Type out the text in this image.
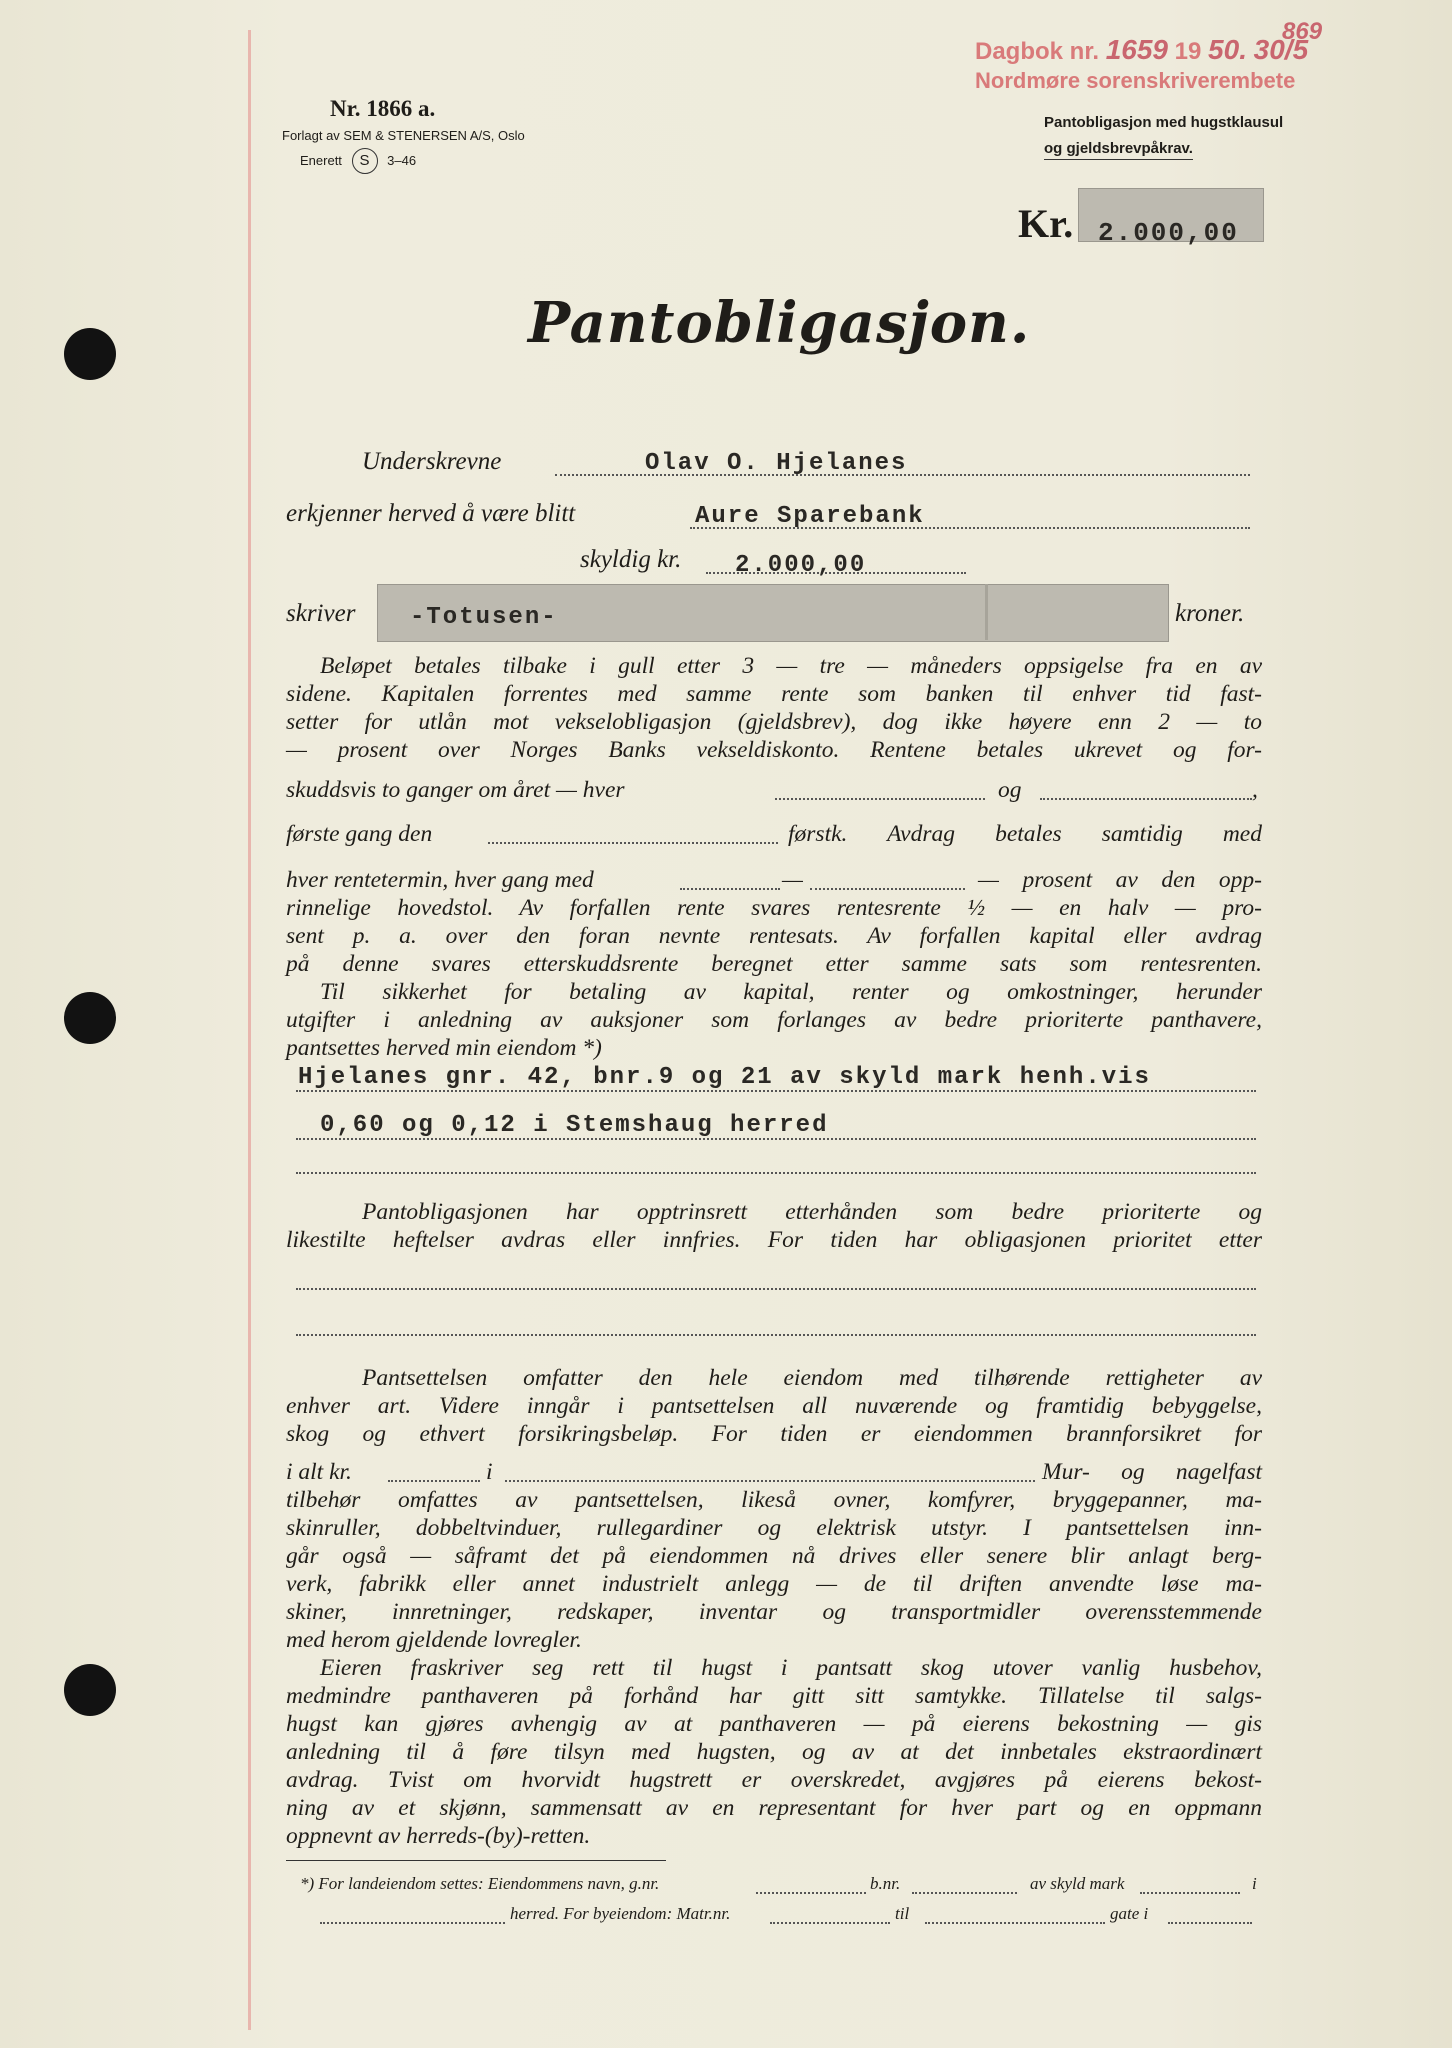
Dagbok nr. 1659 19 50. 30/5
869
Nordmøre sorenskriverembete
Nr. 1866 a.
Forlagt av SEM & STENERSEN A/S, Oslo
Enerett S 3–46
Pantobligasjon med hugstklausul
og gjeldsbrevpåkrav.
Kr. 2.000,00
Pantobligasjon.
Underskrevne	Olav O. Hjelanes
erkjenner herved å være blitt	Aure Sparebank
skyldig kr. 2.000,00
skriver -Totusen-	kroner.
Beløpet betales tilbake i gull etter 3 — tre — måneders oppsigelse fra en av
sidene. Kapitalen forrentes med samme rente som banken til enhver tid fast-
setter for utlån mot vekselobligasjon (gjeldsbrev), dog ikke høyere enn 2 — to
— prosent over Norges Banks vekseldiskonto. Rentene betales ukrevet og for-
skuddsvis to ganger om året — hver	og	,
første gang den	førstk. Avdrag betales samtidig med
hver rentetermin, hver gang med	—	— prosent av den opp-
rinnelige hovedstol. Av forfallen rente svares rentesrente ½ — en halv — pro-
sent p. a. over den foran nevnte rentesats. Av forfallen kapital eller avdrag
på denne svares etterskuddsrente beregnet etter samme sats som rentesrenten.
Til sikkerhet for betaling av kapital, renter og omkostninger, herunder
utgifter i anledning av auksjoner som forlanges av bedre prioriterte panthavere,
pantsettes herved min eiendom *)
Hjelanes gnr. 42, bnr.9 og 21 av skyld mark henh.vis
0,60 og 0,12 i Stemshaug herred
Pantobligasjonen har opptrinsrett etterhånden som bedre prioriterte og
likestilte heftelser avdras eller innfries. For tiden har obligasjonen prioritet etter
Pantsettelsen omfatter den hele eiendom med tilhørende rettigheter av
enhver art. Videre inngår i pantsettelsen all nuværende og framtidig bebyggelse,
skog og ethvert forsikringsbeløp. For tiden er eiendommen brannforsikret for
i alt kr.	i	Mur- og nagelfast
tilbehør omfattes av pantsettelsen, likeså ovner, komfyrer, bryggepanner, ma-
skinruller, dobbeltvinduer, rullegardiner og elektrisk utstyr. I pantsettelsen inn-
går også — såframt det på eiendommen nå drives eller senere blir anlagt berg-
verk, fabrikk eller annet industrielt anlegg — de til driften anvendte løse ma-
skiner, innretninger, redskaper, inventar og transportmidler overensstemmende
med herom gjeldende lovregler.
Eieren fraskriver seg rett til hugst i pantsatt skog utover vanlig husbehov,
medmindre panthaveren på forhånd har gitt sitt samtykke. Tillatelse til salgs-
hugst kan gjøres avhengig av at panthaveren — på eierens bekostning — gis
anledning til å føre tilsyn med hugsten, og av at det innbetales ekstraordinært
avdrag. Tvist om hvorvidt hugstrett er overskredet, avgjøres på eierens bekost-
ning av et skjønn, sammensatt av en representant for hver part og en oppmann
oppnevnt av herreds-(by)-retten.
*) For landeiendom settes: Eiendommens navn, g.nr.	b.nr.	av skyld mark	i
herred. For byeiendom: Matr.nr.	til	gate i
